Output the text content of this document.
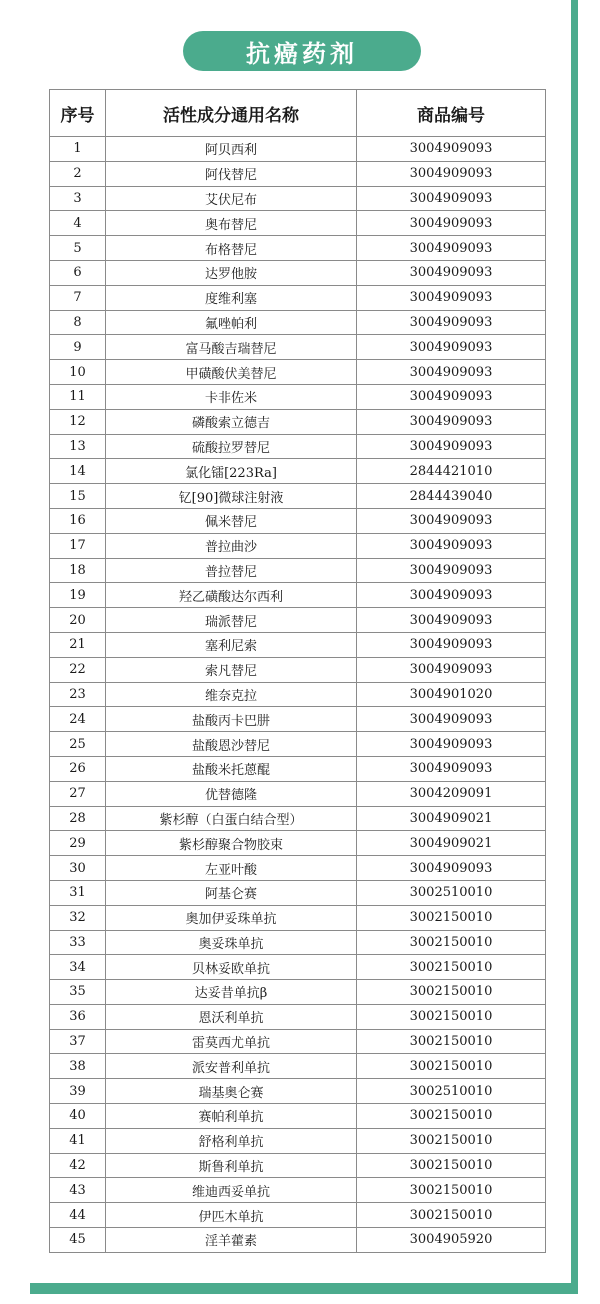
抗癌药剂
序号	活性成分通用名称	商品编号
1	阿贝西利	3004909093
2	阿伐替尼	3004909093
3	艾伏尼布	3004909093
4	奥布替尼	3004909093
5	布格替尼	3004909093
6	达罗他胺	3004909093
7	度维利塞	3004909093
8	氟唑帕利	3004909093
9	富马酸吉瑞替尼	3004909093
10	甲磺酸伏美替尼	3004909093
11	卡非佐米	3004909093
12	磷酸索立德吉	3004909093
13	硫酸拉罗替尼	3004909093
14	氯化镭[223Ra]	2844421010
15	钇[90]微球注射液	2844439040
16	佩米替尼	3004909093
17	普拉曲沙	3004909093
18	普拉替尼	3004909093
19	羟乙磺酸达尔西利	3004909093
20	瑞派替尼	3004909093
21	塞利尼索	3004909093
22	索凡替尼	3004909093
23	维奈克拉	3004901020
24	盐酸丙卡巴肼	3004909093
25	盐酸恩沙替尼	3004909093
26	盐酸米托蒽醌	3004909093
27	优替德隆	3004209091
28	紫杉醇（白蛋白结合型）	3004909021
29	紫杉醇聚合物胶束	3004909021
30	左亚叶酸	3004909093
31	阿基仑赛	3002510010
32	奥加伊妥珠单抗	3002150010
33	奥妥珠单抗	3002150010
34	贝林妥欧单抗	3002150010
35	达妥昔单抗β	3002150010
36	恩沃利单抗	3002150010
37	雷莫西尤单抗	3002150010
38	派安普利单抗	3002150010
39	瑞基奥仑赛	3002510010
40	赛帕利单抗	3002150010
41	舒格利单抗	3002150010
42	斯鲁利单抗	3002150010
43	维迪西妥单抗	3002150010
44	伊匹木单抗	3002150010
45	淫羊藿素	3004905920
